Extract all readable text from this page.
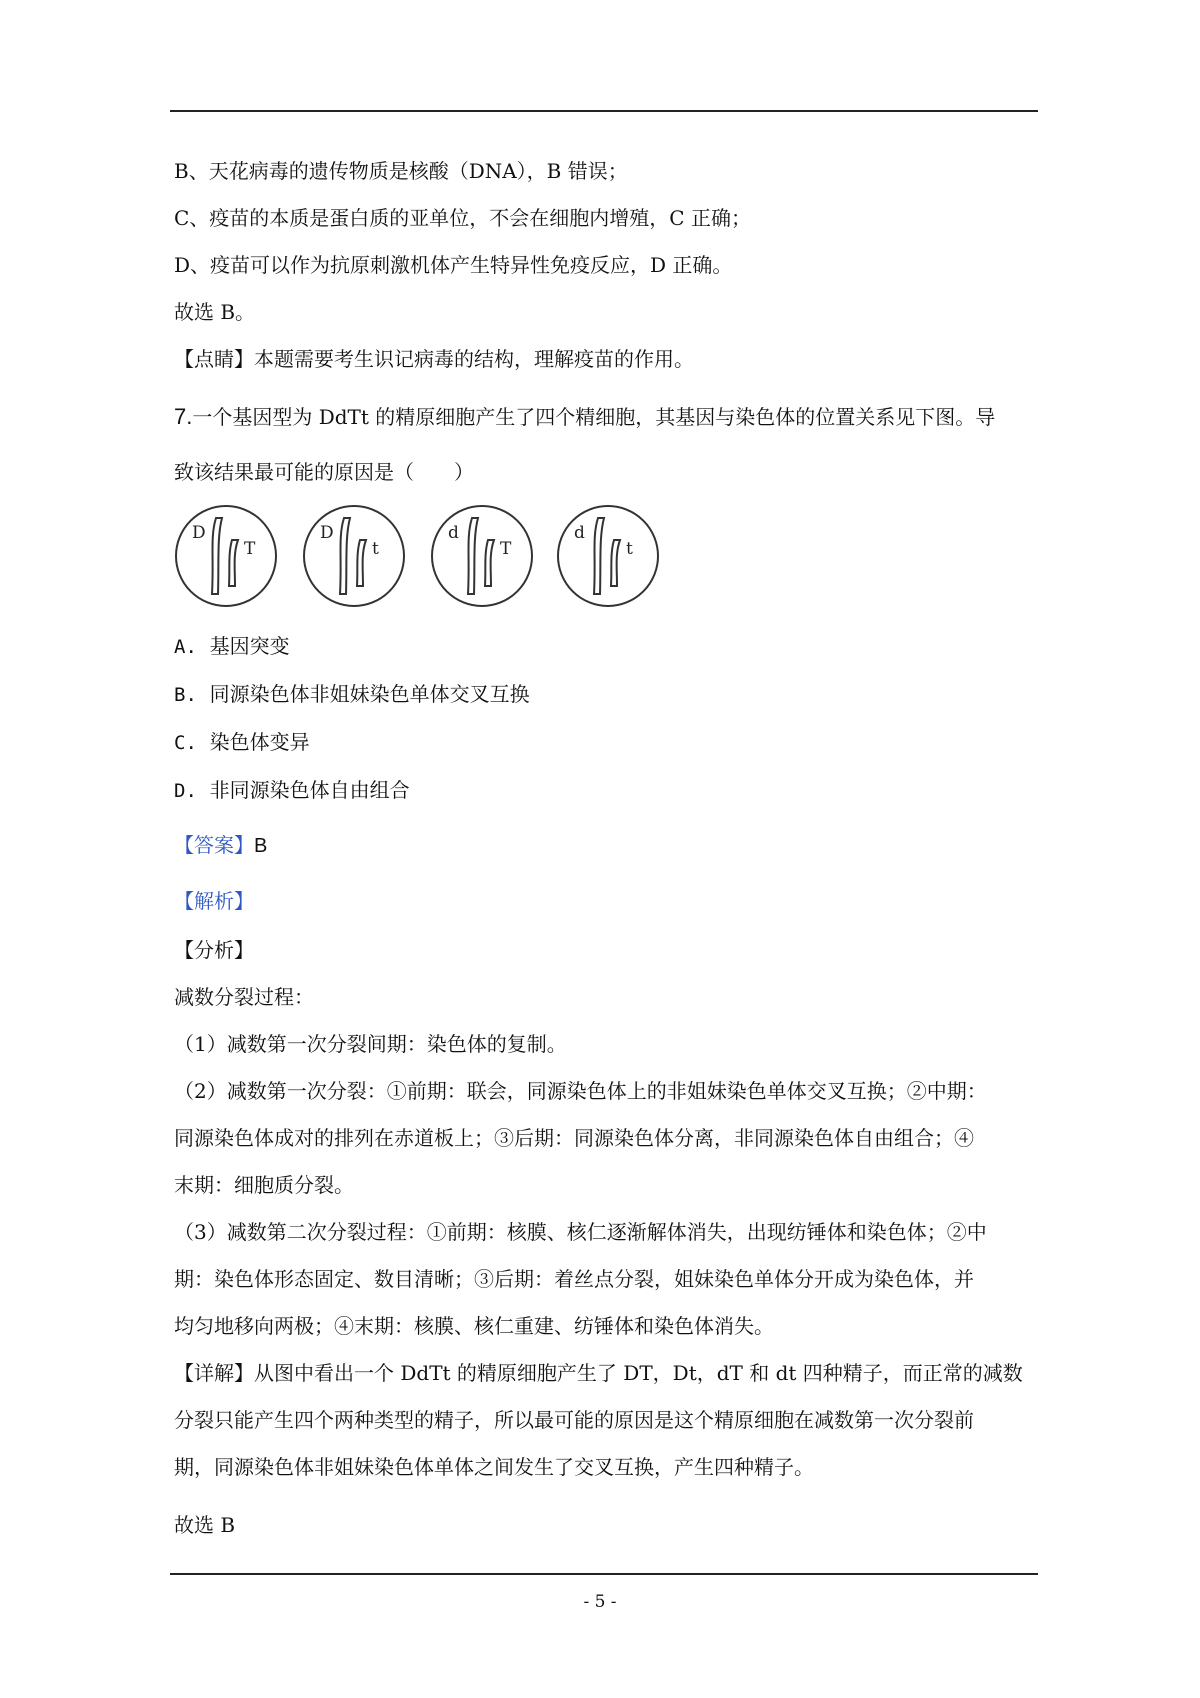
B、天花病毒的遗传物质是核酸（DNA），B 错误；
C、疫苗的本质是蛋白质的亚单位，不会在细胞内增殖，C 正确；
D、疫苗可以作为抗原刺激机体产生特异性免疫反应，D 正确。
故选 B。
【点睛】本题需要考生识记病毒的结构，理解疫苗的作用。
7.一个基因型为 DdTt 的精原细胞产生了四个精细胞，其基因与染色体的位置关系见下图。导
致该结果最可能的原因是（　　）
D
T
D
t
d
T
d
t
A. 基因突变
B. 同源染色体非姐妹染色单体交叉互换
C. 染色体变异
D. 非同源染色体自由组合
【答案】B
【解析】
【分析】
减数分裂过程：
（1）减数第一次分裂间期：染色体的复制。
（2）减数第一次分裂：①前期：联会，同源染色体上的非姐妹染色单体交叉互换；②中期：
同源染色体成对的排列在赤道板上；③后期：同源染色体分离，非同源染色体自由组合；④
末期：细胞质分裂。
（3）减数第二次分裂过程：①前期：核膜、核仁逐渐解体消失，出现纺锤体和染色体；②中
期：染色体形态固定、数目清晰；③后期：着丝点分裂，姐妹染色单体分开成为染色体，并
均匀地移向两极；④末期：核膜、核仁重建、纺锤体和染色体消失。
【详解】从图中看出一个 DdTt 的精原细胞产生了 DT，Dt，dT 和 dt 四种精子，而正常的减数
分裂只能产生四个两种类型的精子，所以最可能的原因是这个精原细胞在减数第一次分裂前
期，同源染色体非姐妹染色体单体之间发生了交叉互换，产生四种精子。
故选 B
- 5 -
